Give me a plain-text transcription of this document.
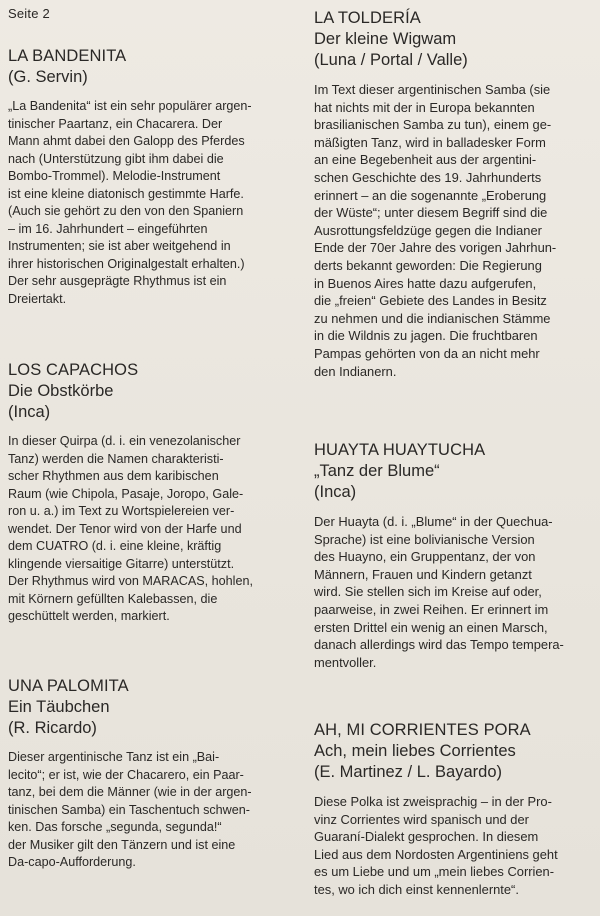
Seite 2
LA BANDENITA
(G. Servin)
„La Bandenita“ ist ein sehr populärer argen-
tinischer Paartanz, ein Chacarera. Der
Mann ahmt dabei den Galopp des Pferdes
nach (Unterstützung gibt ihm dabei die
Bombo-Trommel). Melodie-Instrument
ist eine kleine diatonisch gestimmte Harfe.
(Auch sie gehört zu den von den Spaniern
– im 16. Jahrhundert – eingeführten
Instrumenten; sie ist aber weitgehend in
ihrer historischen Originalgestalt erhalten.)
Der sehr ausgeprägte Rhythmus ist ein
Dreiertakt.
LOS CAPACHOS
Die Obstkörbe
(Inca)
In dieser Quirpa (d. i. ein venezolanischer
Tanz) werden die Namen charakteristi-
scher Rhythmen aus dem karibischen
Raum (wie Chipola, Pasaje, Joropo, Gale-
ron u. a.) im Text zu Wortspielereien ver-
wendet. Der Tenor wird von der Harfe und
dem CUATRO (d. i. eine kleine, kräftig
klingende viersaitige Gitarre) unterstützt.
Der Rhythmus wird von MARACAS, hohlen,
mit Körnern gefüllten Kalebassen, die
geschüttelt werden, markiert.
UNA PALOMITA
Ein Täubchen
(R. Ricardo)
Dieser argentinische Tanz ist ein „Bai-
lecito“; er ist, wie der Chacarero, ein Paar-
tanz, bei dem die Männer (wie in der argen-
tinischen Samba) ein Taschentuch schwen-
ken. Das forsche „segunda, segunda!“
der Musiker gilt den Tänzern und ist eine
Da-capo-Aufforderung.
LA TOLDERÍA
Der kleine Wigwam
(Luna / Portal / Valle)
Im Text dieser argentinischen Samba (sie
hat nichts mit der in Europa bekannten
brasilianischen Samba zu tun), einem ge-
mäßigten Tanz, wird in balladesker Form
an eine Begebenheit aus der argentini-
schen Geschichte des 19. Jahrhunderts
erinnert – an die sogenannte „Eroberung
der Wüste“; unter diesem Begriff sind die
Ausrottungsfeldzüge gegen die Indianer
Ende der 70er Jahre des vorigen Jahrhun-
derts bekannt geworden: Die Regierung
in Buenos Aires hatte dazu aufgerufen,
die „freien“ Gebiete des Landes in Besitz
zu nehmen und die indianischen Stämme
in die Wildnis zu jagen. Die fruchtbaren
Pampas gehörten von da an nicht mehr
den Indianern.
HUAYTA HUAYTUCHA
„Tanz der Blume“
(Inca)
Der Huayta (d. i. „Blume“ in der Quechua-
Sprache) ist eine bolivianische Version
des Huayno, ein Gruppentanz, der von
Männern, Frauen und Kindern getanzt
wird. Sie stellen sich im Kreise auf oder,
paarweise, in zwei Reihen. Er erinnert im
ersten Drittel ein wenig an einen Marsch,
danach allerdings wird das Tempo tempera-
mentvoller.
AH, MI CORRIENTES PORA
Ach, mein liebes Corrientes
(E. Martinez / L. Bayardo)
Diese Polka ist zweisprachig – in der Pro-
vinz Corrientes wird spanisch und der
Guaraní-Dialekt gesprochen. In diesem
Lied aus dem Nordosten Argentiniens geht
es um Liebe und um „mein liebes Corrien-
tes, wo ich dich einst kennenlernte“.
